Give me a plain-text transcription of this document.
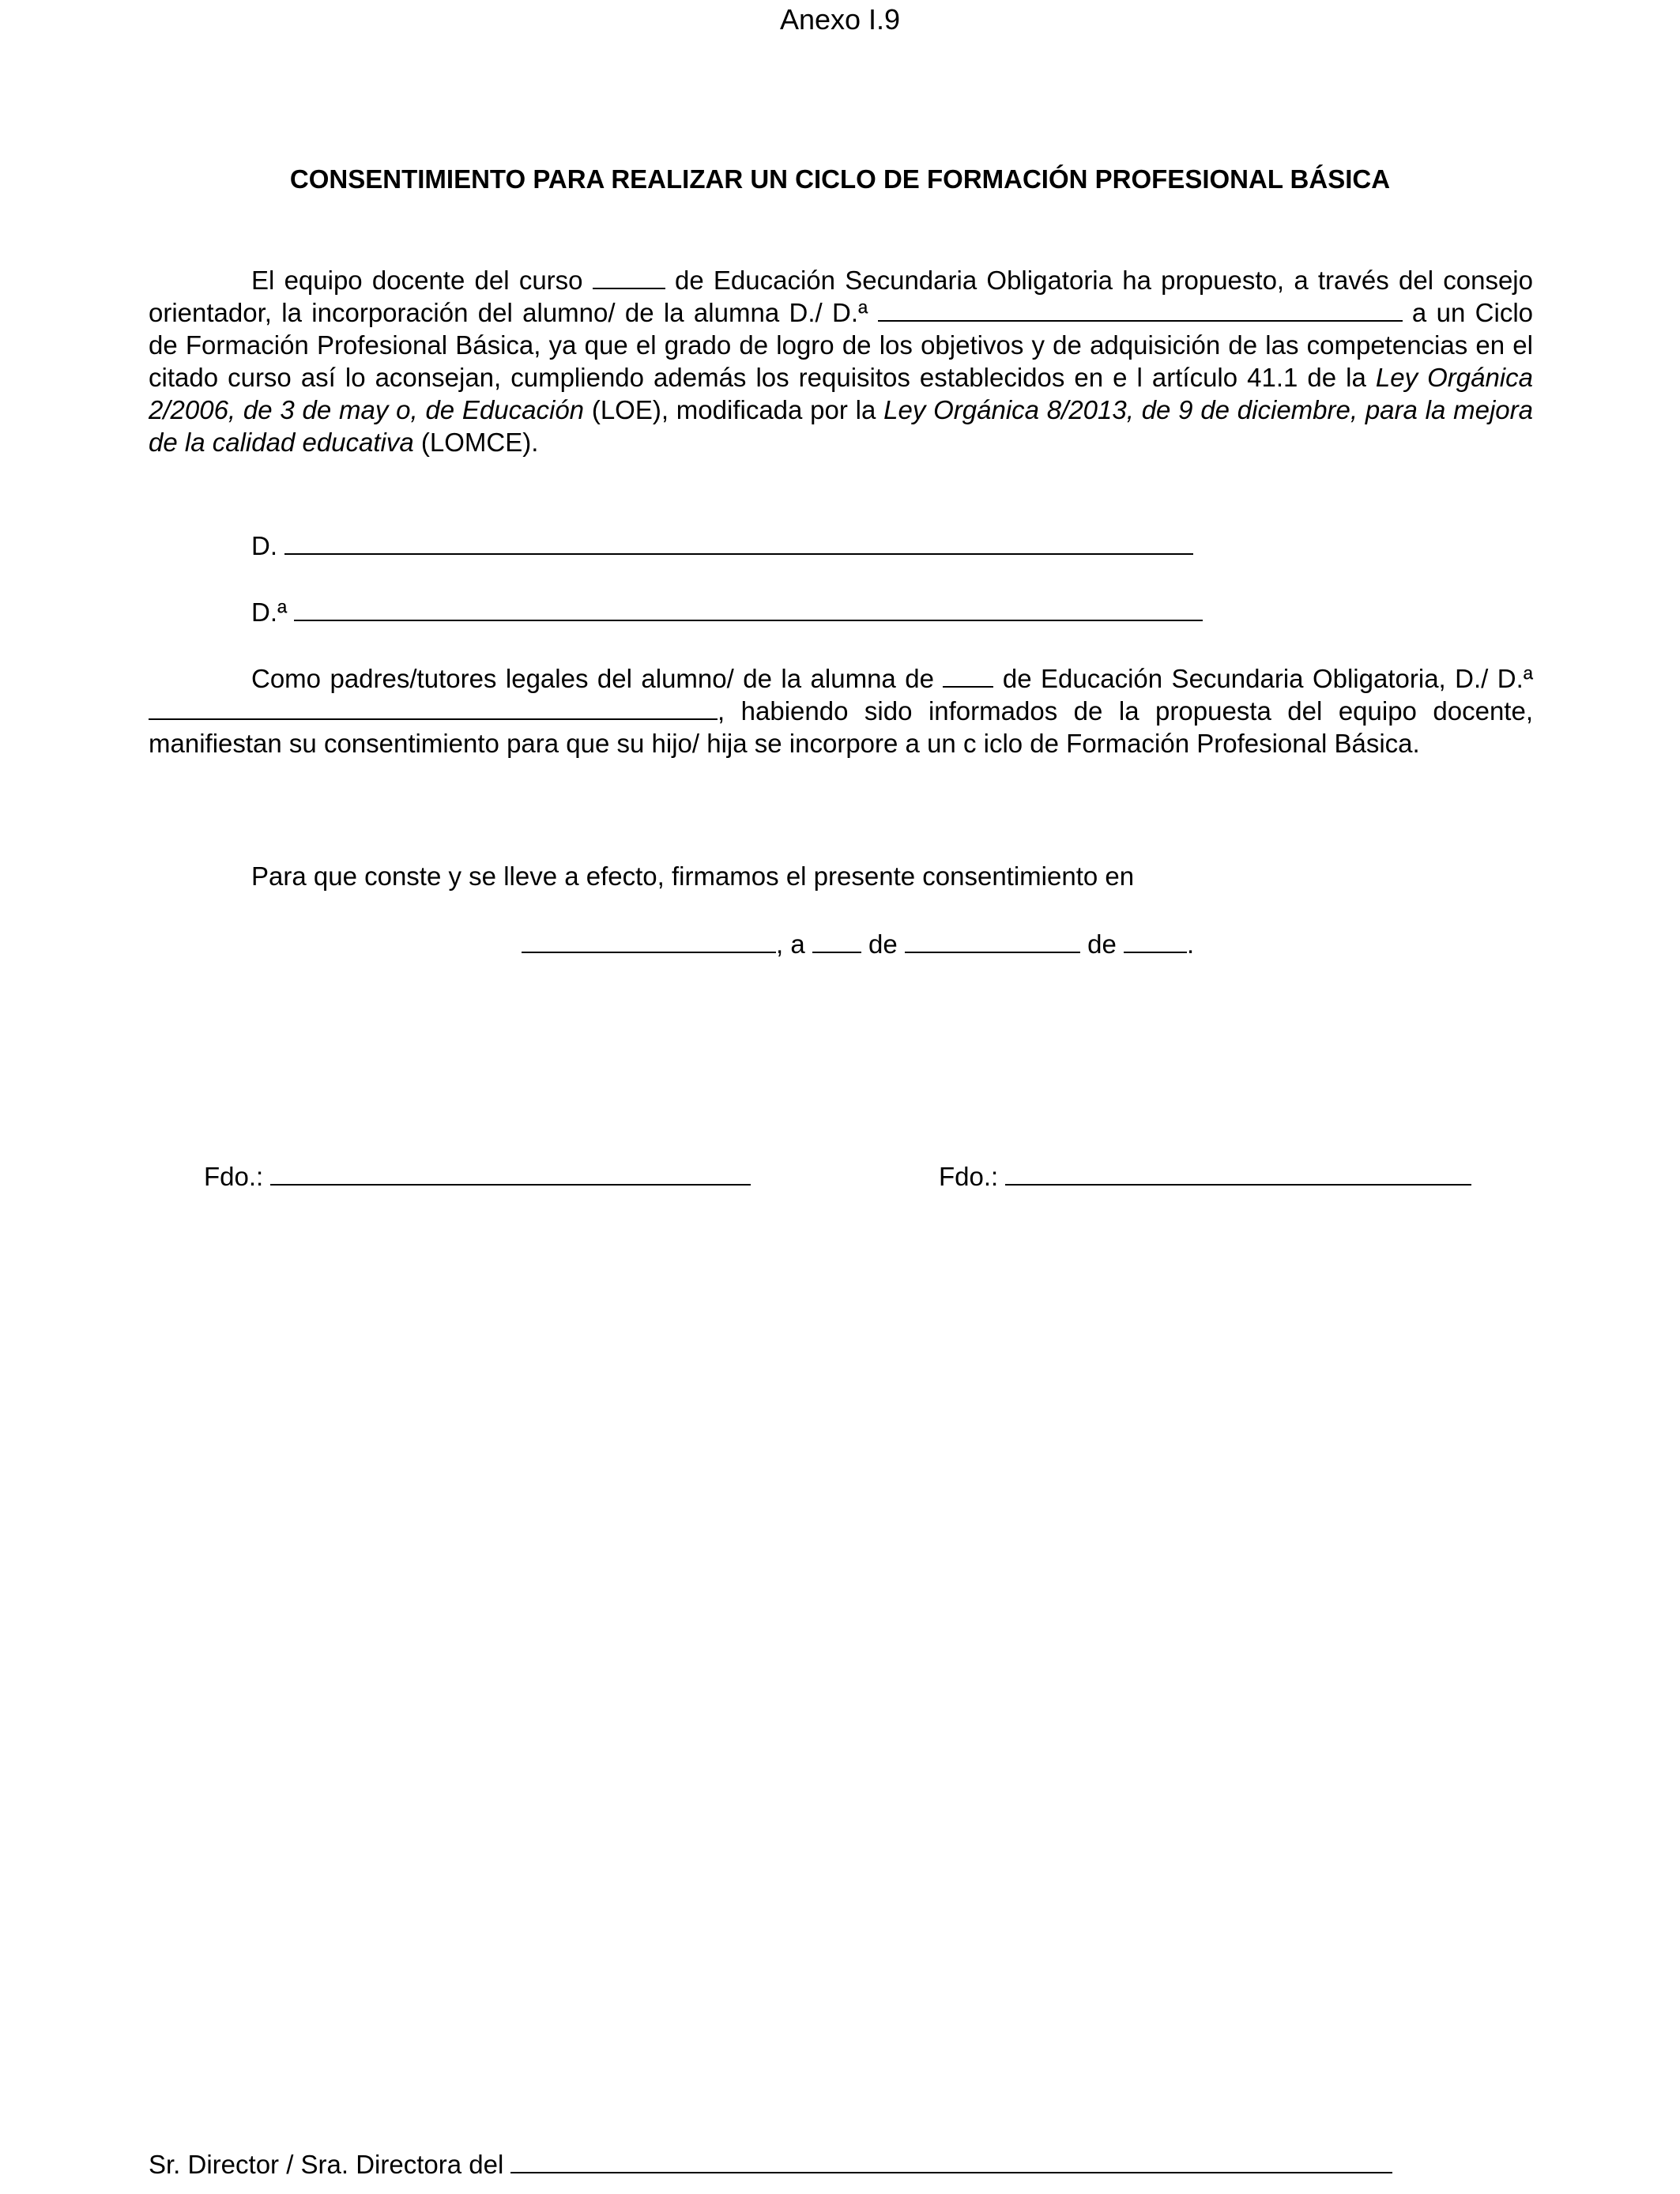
Anexo I.9
CONSENTIMIENTO PARA REALIZAR UN CICLO DE FORMACIÓN PROFESIONAL BÁSICA
El equipo docente del curso	de Educación Secundaria Obligatoria ha propuesto, a través del consejo orientador, la incorporación del alumno/ de la alumna D./ D.ª	a un Ciclo de Formación Profesional Básica, ya que el grado de logro de los objetivos y de adquisición de las competencias en el citado curso así lo aconsejan, cumpliendo además los requisitos establecidos en e l artículo 41.1 de la Ley Orgánica 2/2006, de 3 de may o, de Educación (LOE), modificada por la Ley Orgánica 8/2013, de 9 de diciembre, para la mejora de la calidad educativa (LOMCE).
D.
D.ª
Como padres/tutores legales del alumno/ de la alumna de  de Educación Secundaria Obligatoria, D./ D.ª , habiendo sido informados de la propuesta del equipo docente, manifiestan su consentimiento para que su hijo/ hija se incorpore a un c iclo de Formación Profesional Básica.
Para que conste y se lleve a efecto, firmamos el presente consentimiento en
, a de	de	.
Fdo.:	Fdo.:
Sr. Director / Sra. Directora del
